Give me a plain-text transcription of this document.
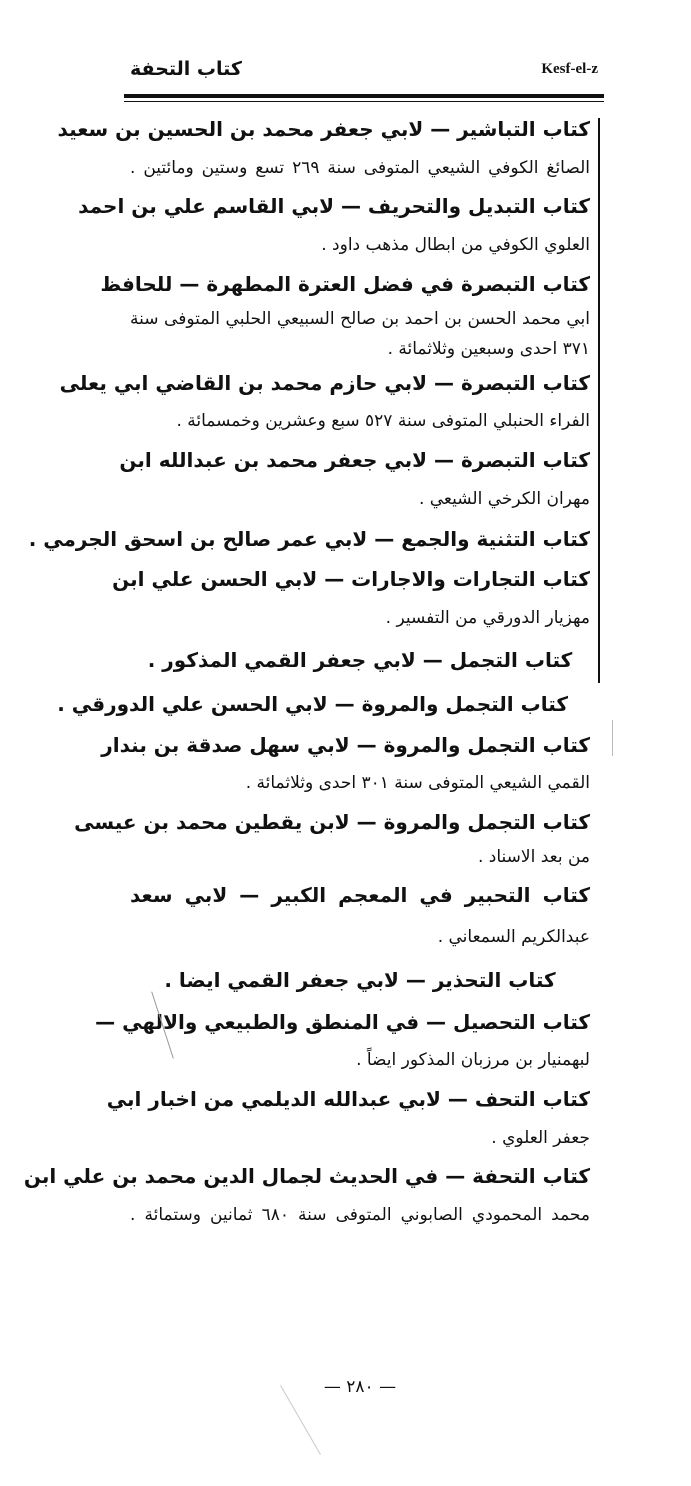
كتاب التحفة	Kesf-el-z

كتاب التباشير — لابي جعفر محمد بن الحسين بن سعيد
الصائغ الكوفي الشيعي المتوفى سنة ٢٦٩ تسع وستين ومائتين .

كتاب التبديل والتحريف — لابي القاسم علي بن احمد
العلوي الكوفي من ابطال مذهب داود .

كتاب التبصرة في فضل العترة المطهرة — للحافظ
ابي محمد الحسن بن احمد بن صالح السبيعي الحلبي المتوفى سنة
٣٧١ احدى وسبعين وثلاثمائة .

كتاب التبصرة — لابي حازم محمد بن القاضي ابي يعلى
الفراء الحنبلي المتوفى سنة ٥٢٧ سبع وعشرين وخمسمائة .

كتاب التبصرة — لابي جعفر محمد بن عبدالله ابن
مهران الكرخي الشيعي .

كتاب التثنية والجمع — لابي عمر صالح بن اسحق الجرمي .

كتاب التجارات والاجارات — لابي الحسن علي ابن
مهزيار الدورقي من التفسير .

كتاب التجمل — لابي جعفر القمي المذكور .

كتاب التجمل والمروة — لابي الحسن علي الدورقي .

كتاب التجمل والمروة — لابي سهل صدقة بن بندار
القمي الشيعي المتوفى سنة ٣٠١ احدى وثلاثمائة .

كتاب التجمل والمروة — لابن يقطين محمد بن عيسى
من بعد الاسناد .

كتاب التحبير في المعجم الكبير — لابي سعد
عبدالكريم السمعاني .

كتاب التحذير — لابي جعفر القمي ايضا .

كتاب التحصيل — في المنطق والطبيعي والالهي —
لبهمنيار بن مرزبان المذكور ايضاً .

كتاب التحف — لابي عبدالله الديلمي من اخبار ابي
جعفر العلوي .

كتاب التحفة — في الحديث لجمال الدين محمد بن علي ابن
محمد المحمودي الصابوني المتوفى سنة ٦٨٠ ثمانين وستمائة .

— ٢٨٠ —
